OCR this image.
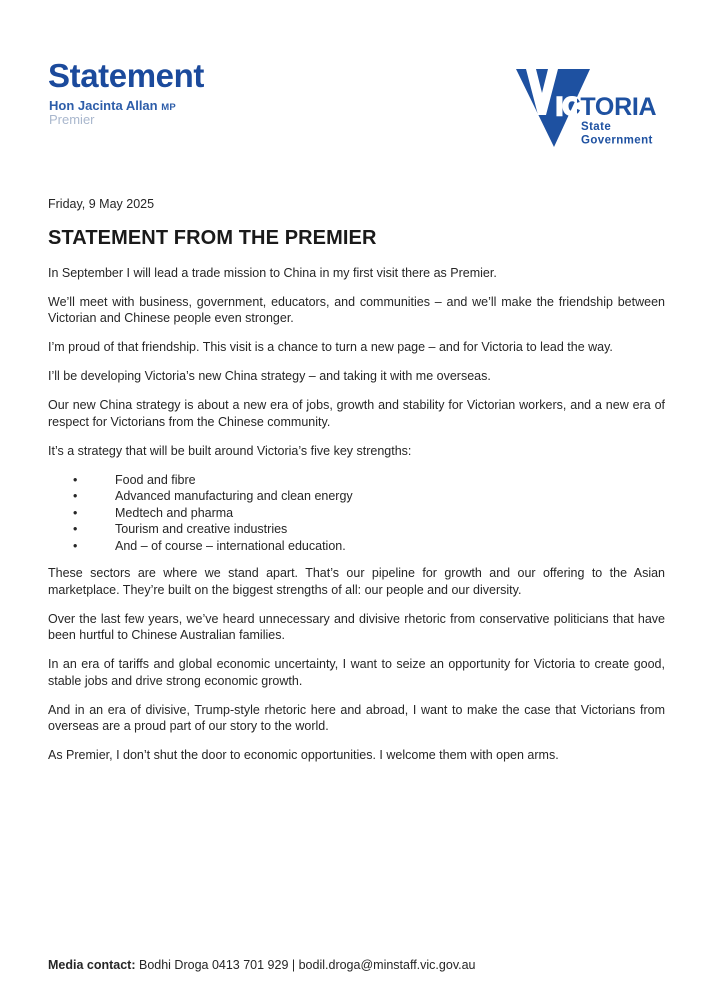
Statement
Hon Jacinta Allan MP
Premier	ICTORIA
State
Government

Friday, 9 May 2025

STATEMENT FROM THE PREMIER

In September I will lead a trade mission to China in my first visit there as Premier.

We’ll meet with business, government, educators, and communities – and we’ll make the friendship between Victorian and Chinese people even stronger.

I’m proud of that friendship. This visit is a chance to turn a new page – and for Victoria to lead the way.

I’ll be developing Victoria’s new China strategy – and taking it with me overseas.

Our new China strategy is about a new era of jobs, growth and stability for Victorian workers, and a new era of respect for Victorians from the Chinese community.

It’s a strategy that will be built around Victoria’s five key strengths:

•	Food and fibre
•	Advanced manufacturing and clean energy
•	Medtech and pharma
•	Tourism and creative industries
•	And – of course – international education.

These sectors are where we stand apart. That’s our pipeline for growth and our offering to the Asian marketplace. They’re built on the biggest strengths of all: our people and our diversity.

Over the last few years, we’ve heard unnecessary and divisive rhetoric from conservative politicians that have been hurtful to Chinese Australian families.

In an era of tariffs and global economic uncertainty, I want to seize an opportunity for Victoria to create good, stable jobs and drive strong economic growth.

And in an era of divisive, Trump-style rhetoric here and abroad, I want to make the case that Victorians from overseas are a proud part of our story to the world.

As Premier, I don’t shut the door to economic opportunities. I welcome them with open arms.

Media contact: Bodhi Droga 0413 701 929 | bodil.droga@minstaff.vic.gov.au
